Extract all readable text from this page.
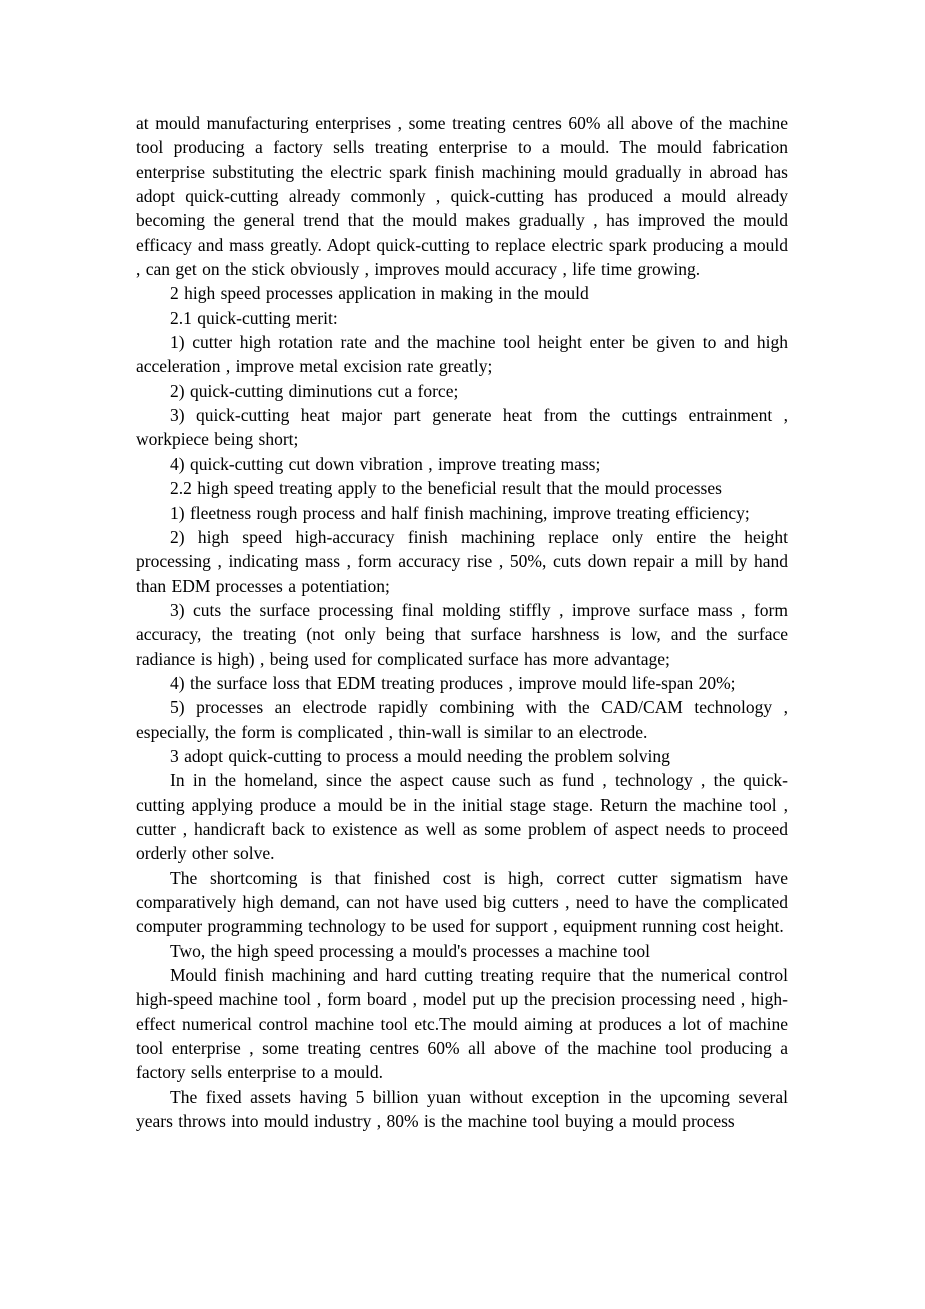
at mould manufacturing enterprises , some treating centres 60% all above of the machine tool producing a factory sells treating enterprise to a mould. The mould fabrication enterprise substituting the electric spark finish machining mould gradually in abroad has adopt quick-cutting already commonly , quick-cutting has produced a mould already becoming the general trend that the mould makes gradually , has improved the mould efficacy and mass greatly. Adopt quick-cutting to replace electric spark producing a mould , can get on the stick obviously , improves mould accuracy , life time growing.

2 high speed processes application in making in the mould

2.1 quick-cutting merit:

1) cutter high rotation rate and the machine tool height enter be given to and high acceleration , improve metal excision rate greatly;

2) quick-cutting diminutions cut a force;

3) quick-cutting heat major part generate heat from the cuttings entrainment , workpiece being short;

4) quick-cutting cut down vibration , improve treating mass;

2.2 high speed treating apply to the beneficial result that the mould processes

1) fleetness rough process and half finish machining, improve treating efficiency;

2) high speed high-accuracy finish machining replace only entire the height processing , indicating mass , form accuracy rise , 50%, cuts down repair a mill by hand than EDM processes a potentiation;

3) cuts the surface processing final molding stiffly , improve surface mass , form accuracy, the treating (not only being that surface harshness is low, and the surface radiance is high) , being used for complicated surface has more advantage;

4) the surface loss that EDM treating produces , improve mould life-span 20%;

5) processes an electrode rapidly combining with the CAD/CAM technology , especially, the form is complicated , thin-wall is similar to an electrode.

3 adopt quick-cutting to process a mould needing the problem solving

In in the homeland, since the aspect cause such as fund , technology , the quick-cutting applying produce a mould be in the initial stage stage. Return the machine tool , cutter , handicraft back to existence as well as some problem of aspect needs to proceed orderly other solve.

The shortcoming is that finished cost is high, correct cutter sigmatism have comparatively high demand, can not have used big cutters , need to have the complicated computer programming technology to be used for support , equipment running cost height.

Two, the high speed processing a mould's processes a machine tool

Mould finish machining and hard cutting treating require that the numerical control high-speed machine tool , form board , model put up the precision processing need , high-effect numerical control machine tool etc.The mould aiming at produces a lot of machine tool enterprise , some treating centres 60% all above of the machine tool producing a factory sells enterprise to a mould.

The fixed assets having 5 billion yuan without exception in the upcoming several years throws into mould industry , 80% is the machine tool buying a mould process
